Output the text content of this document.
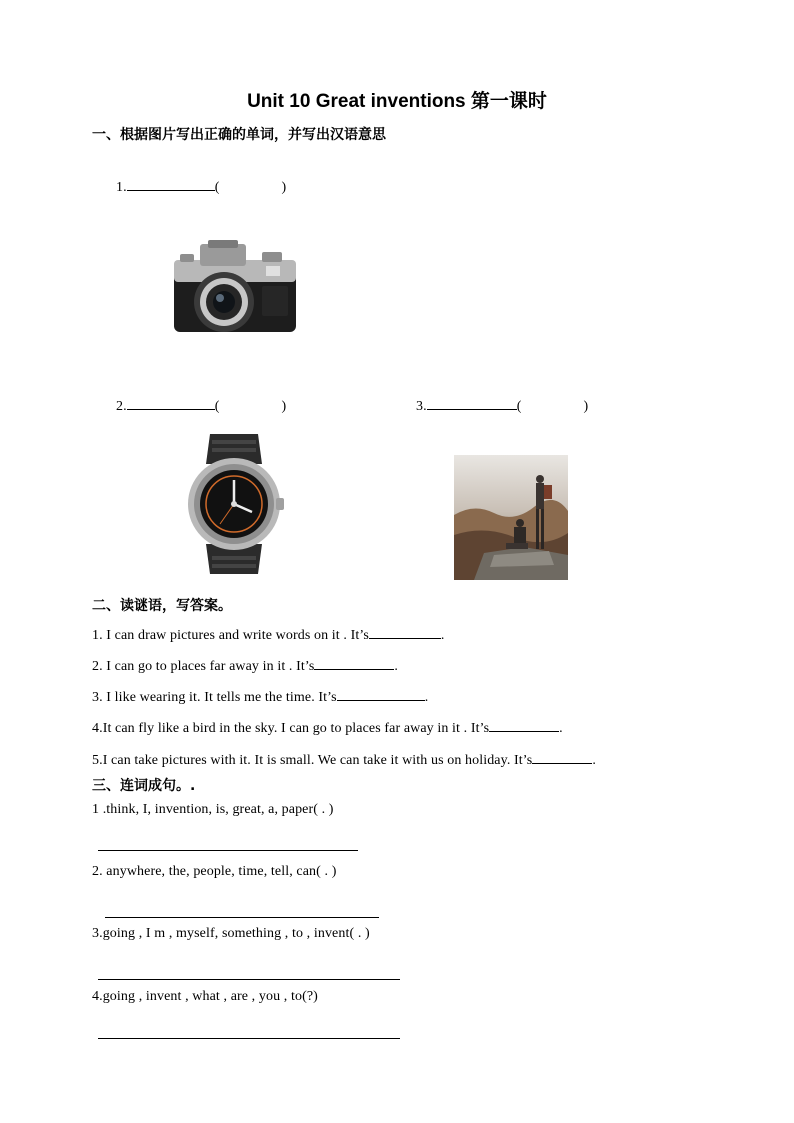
Unit 10 Great inventions 第一课时
一、根据图片写出正确的单词，并写出汉语意思
1.	(	)
2.	(	)	3.	(	)
二、读谜语，写答案。
1. I can draw pictures and write words on it . It’s	.
2. I can go to places far away in it . It’s	.
3. I like wearing it. It tells me the time. It’s	.
4.It can fly like a bird in the sky. I can go to places far away in it . It’s	.
5.I can take pictures with it. It is small. We can take it with us on holiday. It’s	.
三、连词成句。.
1 .think, I, invention, is, great, a, paper( . )
2. anywhere, the, people, time, tell, can( . )
3.going , I m , myself, something , to , invent( . )
4.going , invent , what , are , you , to(?)
